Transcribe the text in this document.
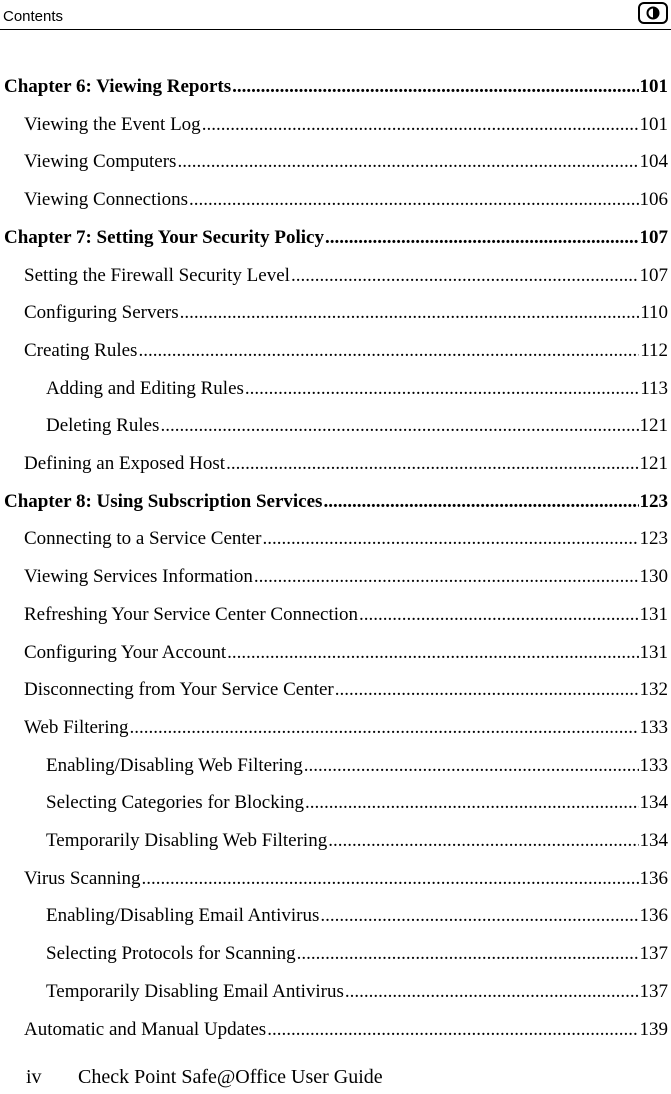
Contents
Chapter 6: Viewing Reports .....	101
Viewing the Event Log .....	101
Viewing Computers .....	104
Viewing Connections .....	106
Chapter 7: Setting Your Security Policy .....	107
Setting the Firewall Security Level .....	107
Configuring Servers .....	110
Creating Rules .....	112
Adding and Editing Rules .....	113
Deleting Rules .....	121
Defining an Exposed Host .....	121
Chapter 8: Using Subscription Services .....	123
Connecting to a Service Center .....	123
Viewing Services Information .....	130
Refreshing Your Service Center Connection .....	131
Configuring Your Account .....	131
Disconnecting from Your Service Center .....	132
Web Filtering .....	133
Enabling/Disabling Web Filtering .....	133
Selecting Categories for Blocking .....	134
Temporarily Disabling Web Filtering .....	134
Virus Scanning .....	136
Enabling/Disabling Email Antivirus .....	136
Selecting Protocols for Scanning .....	137
Temporarily Disabling Email Antivirus .....	137
Automatic and Manual Updates .....	139
iv Check Point Safe@Office User Guide
